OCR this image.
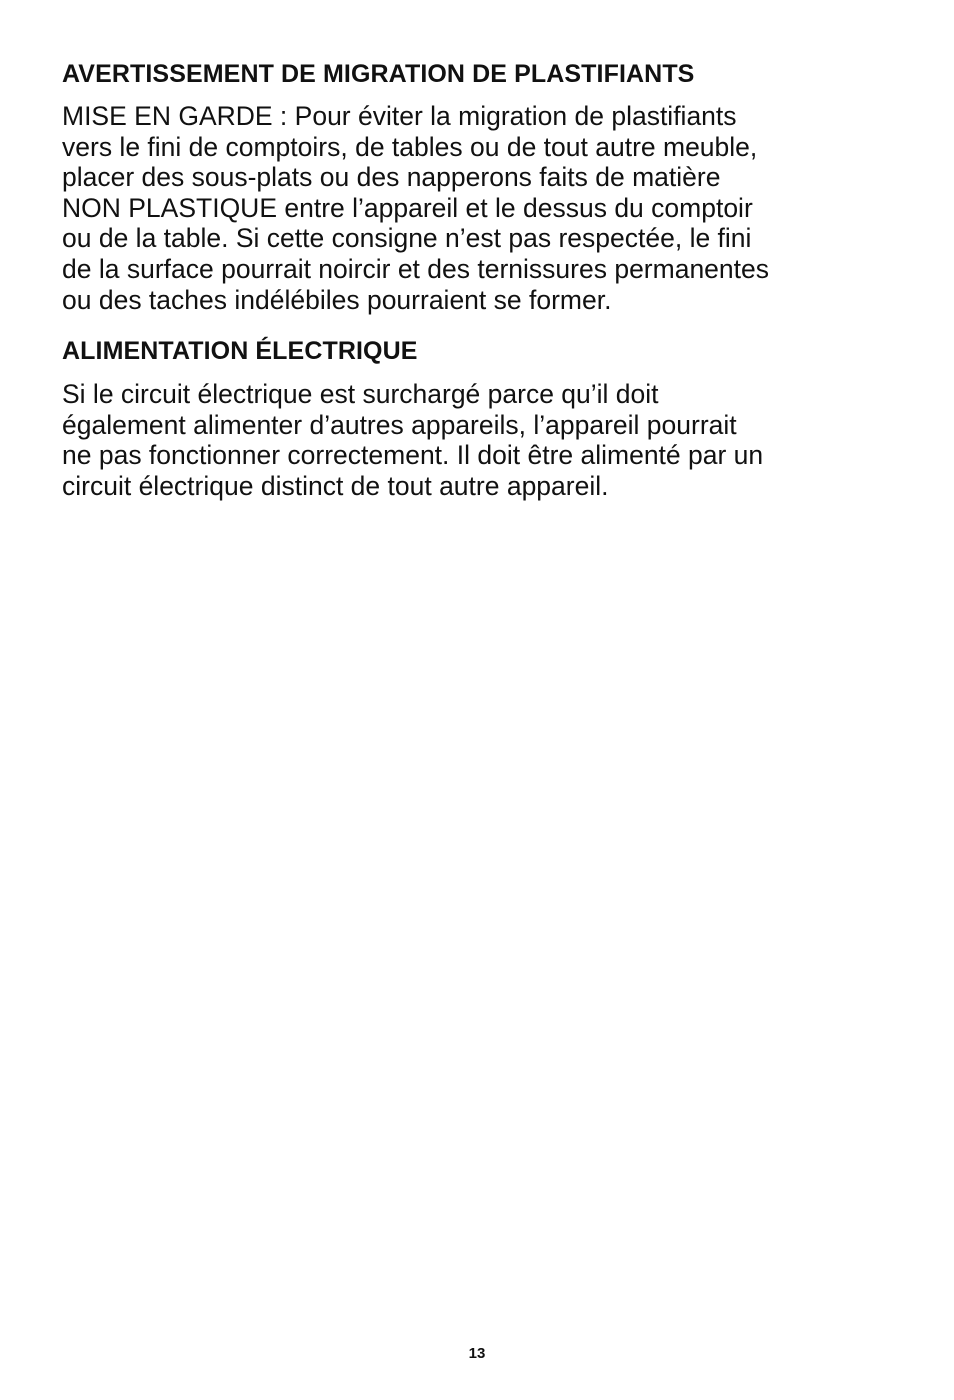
AVERTISSEMENT DE MIGRATION DE PLASTIFIANTS

MISE EN GARDE : Pour éviter la migration de plastifiants
vers le fini de comptoirs, de tables ou de tout autre meuble,
placer des sous-plats ou des napperons faits de matière
NON PLASTIQUE entre l’appareil et le dessus du comptoir
ou de la table. Si cette consigne n’est pas respectée, le fini
de la surface pourrait noircir et des ternissures permanentes
ou des taches indélébiles pourraient se former.

ALIMENTATION ÉLECTRIQUE

Si le circuit électrique est surchargé parce qu’il doit
également alimenter d’autres appareils, l’appareil pourrait
ne pas fonctionner correctement. Il doit être alimenté par un
circuit électrique distinct de tout autre appareil.

13
